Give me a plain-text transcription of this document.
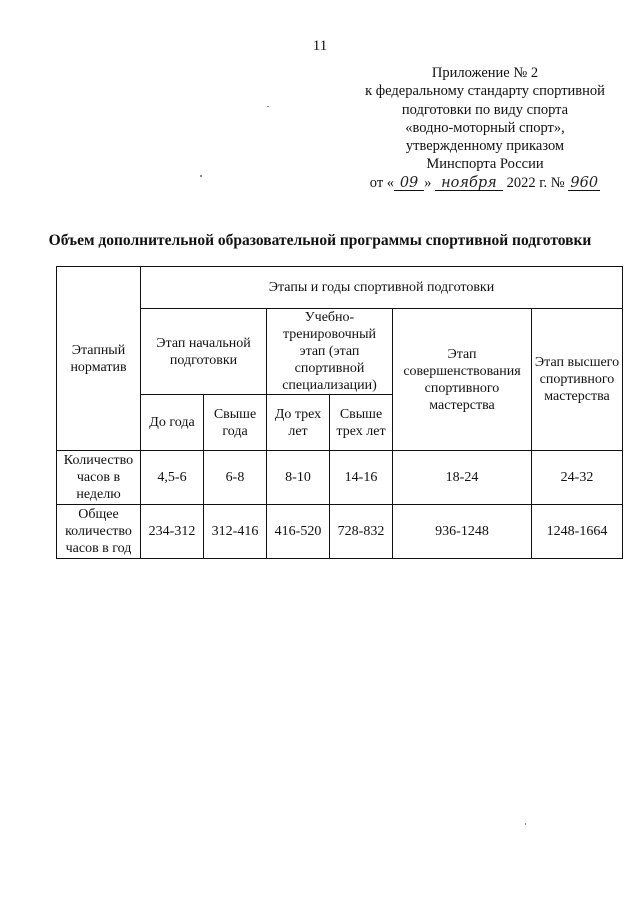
11
Приложение № 2
к федеральному стандарту спортивной
подготовки по виду спорта
«водно-моторный спорт»,
утвержденному приказом
Минспорта России
от « 09 » ноября 2022 г. № 960
Объем дополнительной образовательной программы спортивной подготовки
Этапный норматив	Этапы и годы спортивной подготовки					
	Этап начальной подготовки		Учебно-тренировочный этап (этап спортивной специализации)		Этап совершенствования спортивного мастерства	Этап высшего спортивного мастерства
	До года	Свыше года	До трех лет	Свыше трех лет		
Количество часов в неделю	4,5-6	6-8	8-10	14-16	18-24	24-32
Общее количество часов в год	234-312	312-416	416-520	728-832	936-1248	1248-1664
